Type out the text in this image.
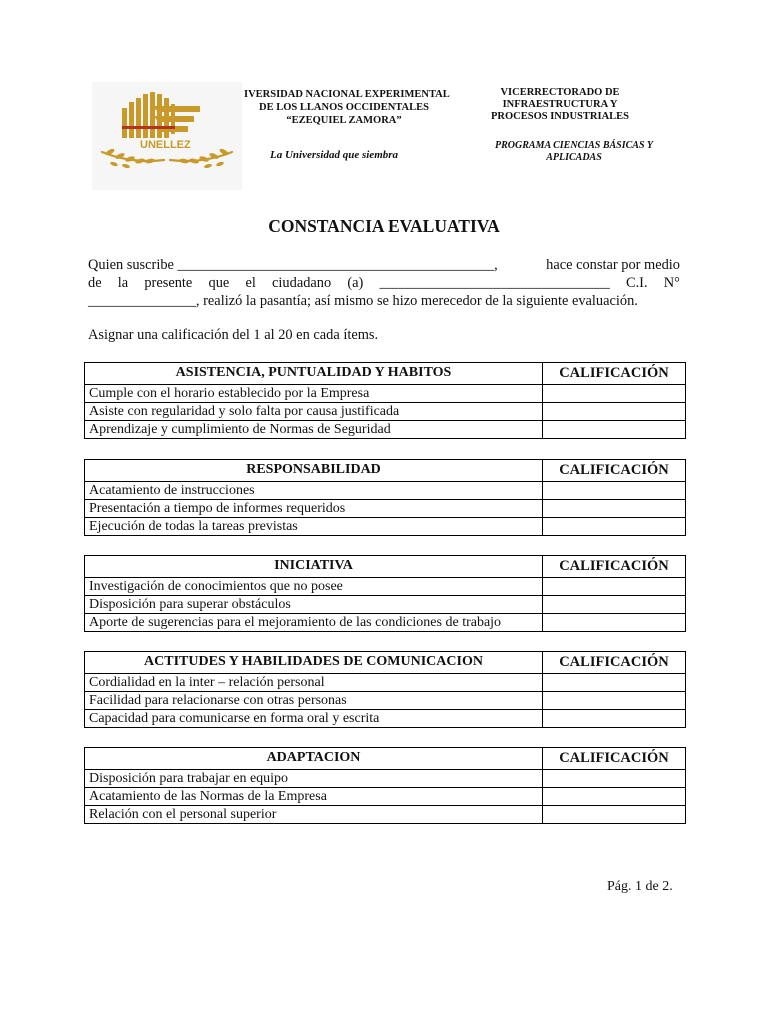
UNELLEZ
IVERSIDAD NACIONAL EXPERIMENTAL
DE LOS LLANOS OCCIDENTALES
“EZEQUIEL ZAMORA”
La Universidad que siembra
VICERRECTORADO DE
INFRAESTRUCTURA Y
PROCESOS INDUSTRIALES
PROGRAMA CIENCIAS BÁSICAS Y
APLICADAS
CONSTANCIA EVALUATIVA
Quien suscribe ____________________________________________,	hace constar por medio
de la presente que el ciudadano (a) ________________________________ C.I. N°
_______________, realizó la pasantía; así mismo se hizo merecedor de la siguiente evaluación.
Asignar una calificación del 1 al 20 en cada ítems.
ASISTENCIA, PUNTUALIDAD Y HABITOS	CALIFICACIÓN
Cumple con el horario establecido por la Empresa	
Asiste con regularidad y solo falta por causa justificada	
Aprendizaje y cumplimiento de Normas de Seguridad	
RESPONSABILIDAD	CALIFICACIÓN
Acatamiento de instrucciones	
Presentación a tiempo de informes requeridos	
Ejecución de todas la tareas previstas	
INICIATIVA	CALIFICACIÓN
Investigación de conocimientos que no posee	
Disposición para superar obstáculos	
Aporte de sugerencias para el mejoramiento de las condiciones de trabajo	
ACTITUDES Y HABILIDADES DE COMUNICACION	CALIFICACIÓN
Cordialidad en la inter – relación personal	
Facilidad para relacionarse con otras personas	
Capacidad para comunicarse en forma oral y escrita	
ADAPTACION	CALIFICACIÓN
Disposición para trabajar en equipo	
Acatamiento de las Normas de la Empresa	
Relación con el personal superior	
Pág. 1 de 2.
